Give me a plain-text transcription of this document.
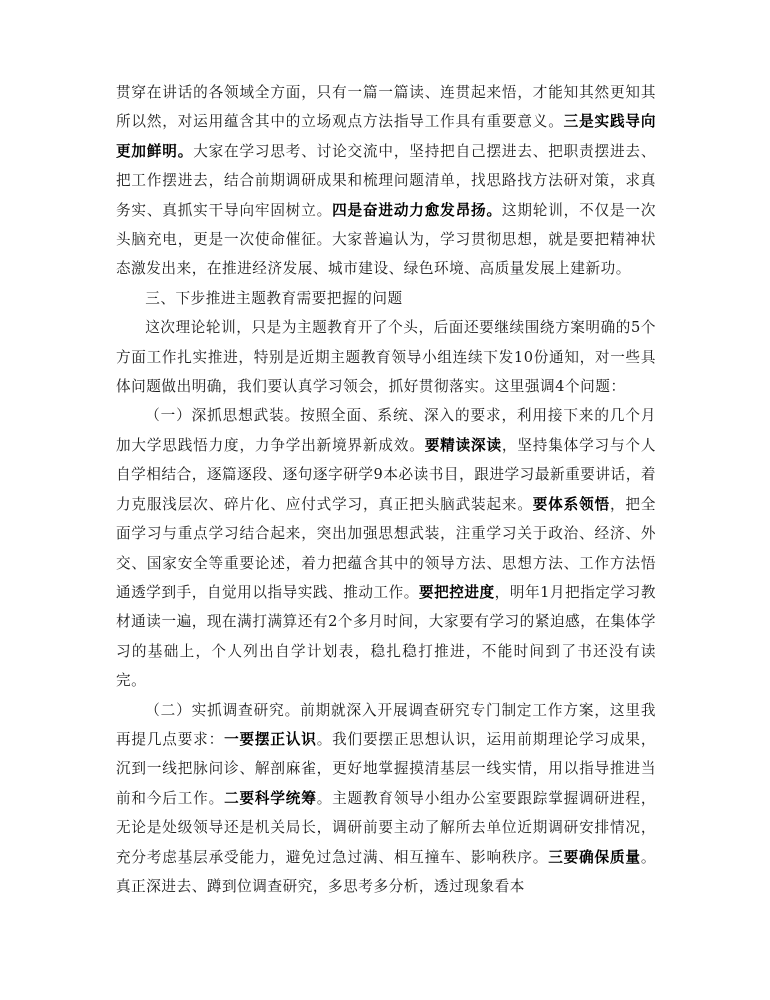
贯穿在讲话的各领域全方面，只有一篇一篇读、连贯起来悟，才能知其然更知其所以然，对运用蕴含其中的立场观点方法指导工作具有重要意义。三是实践导向更加鲜明。大家在学习思考、讨论交流中，坚持把自己摆进去、把职责摆进去、把工作摆进去，结合前期调研成果和梳理问题清单，找思路找方法研对策，求真务实、真抓实干导向牢固树立。四是奋进动力愈发昂扬。这期轮训，不仅是一次头脑充电，更是一次使命催征。大家普遍认为，学习贯彻思想，就是要把精神状态激发出来，在推进经济发展、城市建设、绿色环境、高质量发展上建新功。

三、下步推进主题教育需要把握的问题

这次理论轮训，只是为主题教育开了个头，后面还要继续围绕方案明确的5个方面工作扎实推进，特别是近期主题教育领导小组连续下发10份通知，对一些具体问题做出明确，我们要认真学习领会，抓好贯彻落实。这里强调4个问题：

（一）深抓思想武装。按照全面、系统、深入的要求，利用接下来的几个月加大学思践悟力度，力争学出新境界新成效。要精读深读，坚持集体学习与个人自学相结合，逐篇逐段、逐句逐字研学9本必读书目，跟进学习最新重要讲话，着力克服浅层次、碎片化、应付式学习，真正把头脑武装起来。要体系领悟，把全面学习与重点学习结合起来，突出加强思想武装，注重学习关于政治、经济、外交、国家安全等重要论述，着力把蕴含其中的领导方法、思想方法、工作方法悟通透学到手，自觉用以指导实践、推动工作。要把控进度，明年1月把指定学习教材通读一遍，现在满打满算还有2个多月时间，大家要有学习的紧迫感，在集体学习的基础上，个人列出自学计划表，稳扎稳打推进，不能时间到了书还没有读完。

（二）实抓调查研究。前期就深入开展调查研究专门制定工作方案，这里我再提几点要求：一要摆正认识。我们要摆正思想认识，运用前期理论学习成果，沉到一线把脉问诊、解剖麻雀，更好地掌握摸清基层一线实情，用以指导推进当前和今后工作。二要科学统筹。主题教育领导小组办公室要跟踪掌握调研进程，无论是处级领导还是机关局长，调研前要主动了解所去单位近期调研安排情况，充分考虑基层承受能力，避免过急过满、相互撞车、影响秩序。三要确保质量。真正深进去、蹲到位调查研究，多思考多分析，透过现象看本
